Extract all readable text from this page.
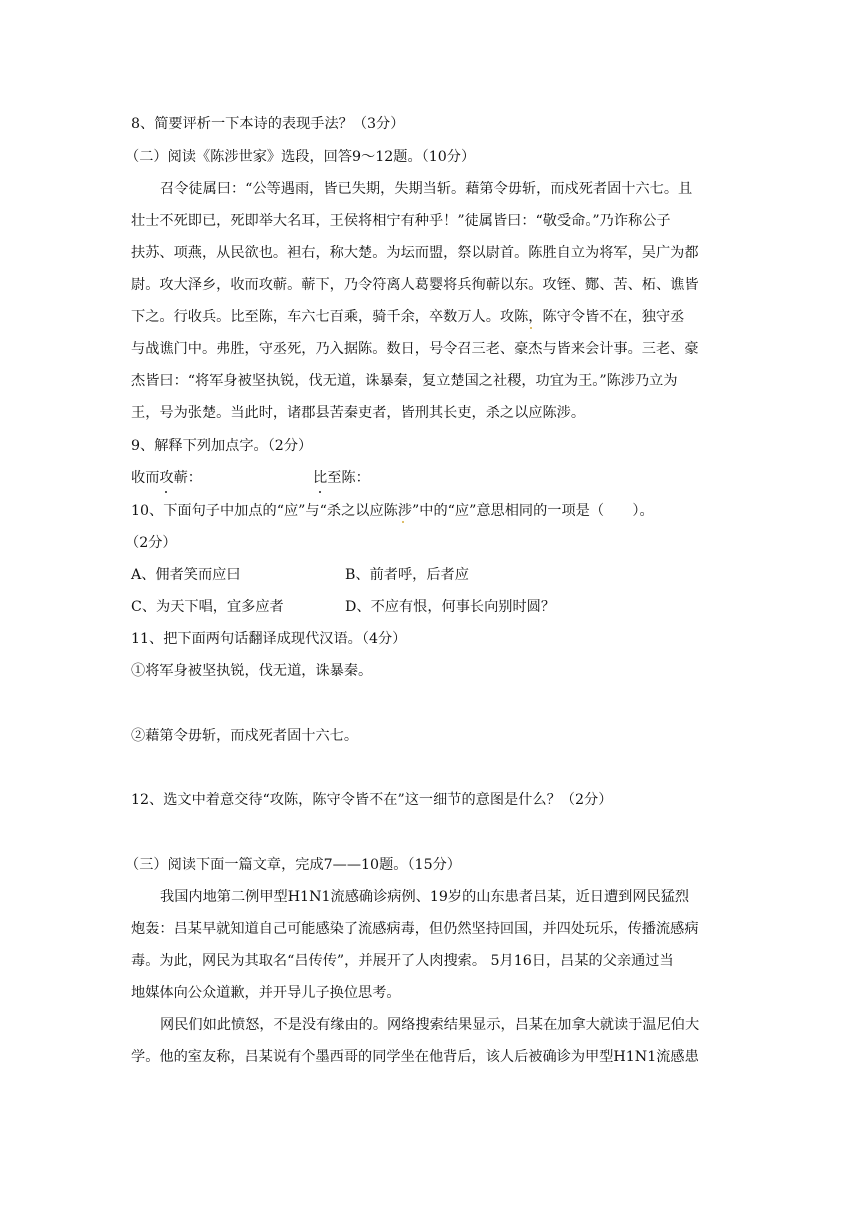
8、简要评析一下本诗的表现手法？（3分）
（二）阅读《陈涉世家》选段，回答9～12题。（10分）
召令徒属曰：“公等遇雨，皆已失期，失期当斩。藉第令毋斩，而戍死者固十六七。且
壮士不死即已，死即举大名耳，王侯将相宁有种乎！”徒属皆曰：“敬受命。”乃诈称公子
扶苏、项燕，从民欲也。袒右，称大楚。为坛而盟，祭以尉首。陈胜自立为将军，吴广为都
尉。攻大泽乡，收而攻蕲。蕲下，乃令符离人葛婴将兵徇蕲以东。攻铚、酂、苦、柘、谯皆
下之。行收兵。比至陈，车六七百乘，骑千余，卒数万人。攻陈，陈守令皆不在，独守丞
与战谯门中。弗胜，守丞死，乃入据陈。数日，号令召三老、豪杰与皆来会计事。三老、豪
杰皆曰：“将军身被坚执锐，伐无道，诛暴秦，复立楚国之社稷，功宜为王。”陈涉乃立为
王，号为张楚。当此时，诸郡县苦秦吏者，皆刑其长吏，杀之以应陈涉。
9、解释下列加点字。（2分）
收而攻蕲：	比至陈：
10、下面句子中加点的“应”与“杀之以应陈涉”中的“应”意思相同的一项是（　　）。
（2分）
A、佣者笑而应曰	B、前者呼，后者应
C、为天下唱，宜多应者	D、不应有恨，何事长向别时圆？
11、把下面两句话翻译成现代汉语。（4分）
①将军身被坚执锐，伐无道，诛暴秦。
②藉第令毋斩，而戍死者固十六七。
12、选文中着意交待“攻陈，陈守令皆不在”这一细节的意图是什么？（2分）
（三）阅读下面一篇文章，完成7——10题。（15分）
我国内地第二例甲型H1N1流感确诊病例、19岁的山东患者吕某，近日遭到网民猛烈
炮轰：吕某早就知道自己可能感染了流感病毒，但仍然坚持回国，并四处玩乐，传播流感病
毒。为此，网民为其取名“吕传传”，并展开了人肉搜索。 5月16日，吕某的父亲通过当
地媒体向公众道歉，并开导儿子换位思考。
网民们如此愤怒，不是没有缘由的。网络搜索结果显示，吕某在加拿大就读于温尼伯大
学。他的室友称，吕某说有个墨西哥的同学坐在他背后，该人后被确诊为甲型H1N1流感患
